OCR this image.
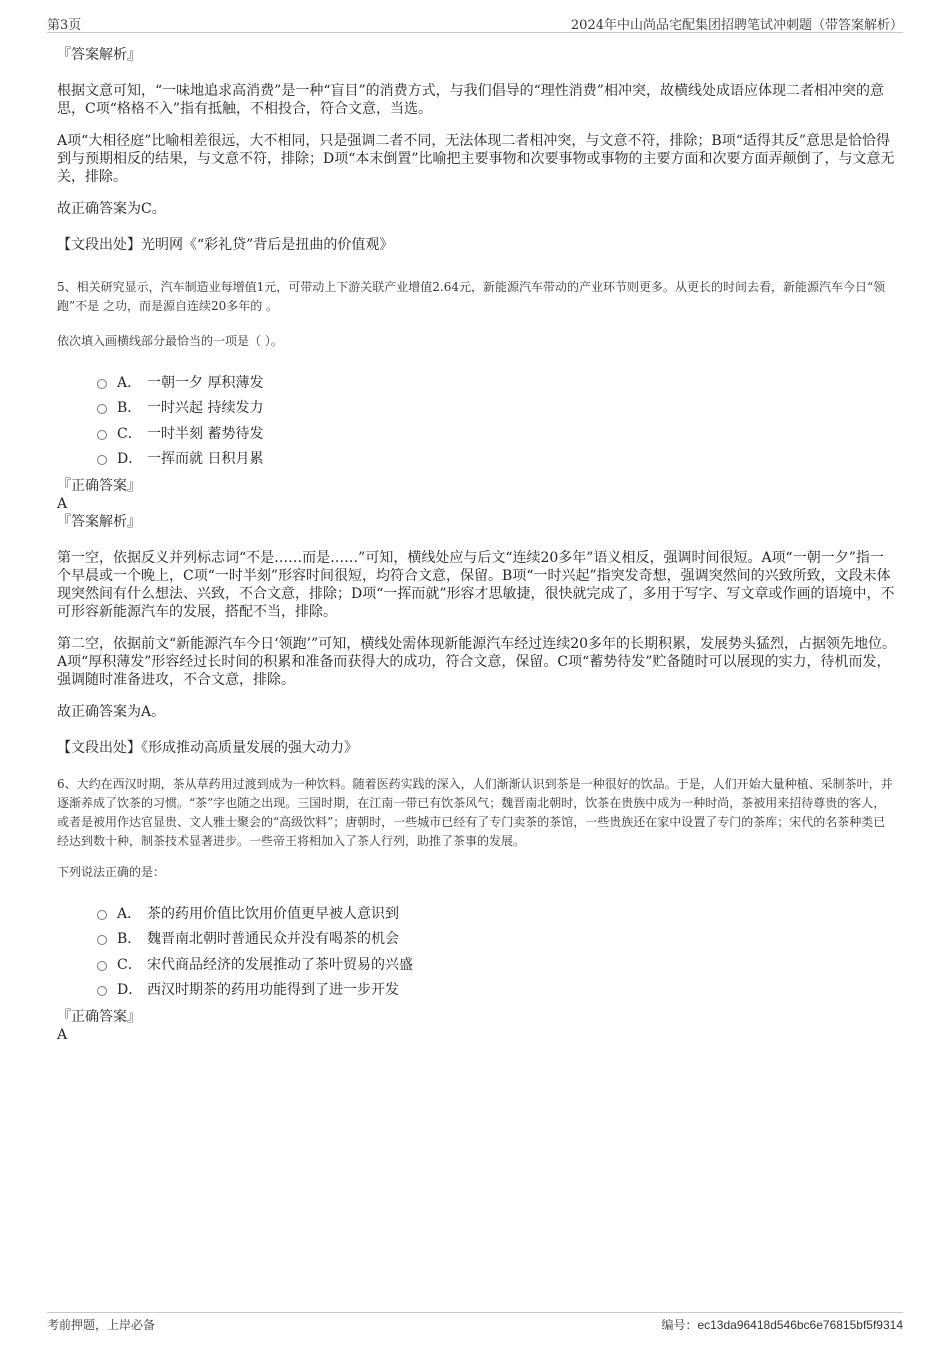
第3页	2024年中山尚品宅配集团招聘笔试冲刺题（带答案解析）

『答案解析』

根据文意可知，“一味地追求高消费”是一种“盲目”的消费方式，与我们倡导的“理性消费”相冲突，故横线处成语应体现二者相冲突的意思，C项“格格不入”指有抵触，不相投合，符合文意，当选。

A项“大相径庭”比喻相差很远，大不相同，只是强调二者不同，无法体现二者相冲突，与文意不符，排除；B项“适得其反”意思是恰恰得到与预期相反的结果，与文意不符，排除；D项“本末倒置”比喻把主要事物和次要事物或事物的主要方面和次要方面弄颠倒了，与文意无关，排除。

故正确答案为C。

【文段出处】光明网《“彩礼贷”背后是扭曲的价值观》

5、相关研究显示，汽车制造业每增值1元，可带动上下游关联产业增值2.64元，新能源汽车带动的产业环节则更多。从更长的时间去看，新能源汽车今日“领跑”不是 之功，而是源自连续20多年的 。

依次填入画横线部分最恰当的一项是（ ）。

A． 一朝一夕 厚积薄发
B． 一时兴起 持续发力
C． 一时半刻 蓄势待发
D． 一挥而就 日积月累

『正确答案』

A

『答案解析』

第一空，依据反义并列标志词“不是……而是……”可知，横线处应与后文“连续20多年”语义相反，强调时间很短。A项“一朝一夕”指一个早晨或一个晚上，C项“一时半刻”形容时间很短，均符合文意，保留。B项“一时兴起”指突发奇想，强调突然间的兴致所致，文段未体现突然间有什么想法、兴致，不合文意，排除；D项“一挥而就”形容才思敏捷，很快就完成了，多用于写字、写文章或作画的语境中，不可形容新能源汽车的发展，搭配不当，排除。

第二空，依据前文“新能源汽车今日‘领跑’”可知，横线处需体现新能源汽车经过连续20多年的长期积累，发展势头猛烈，占据领先地位。A项“厚积薄发”形容经过长时间的积累和准备而获得大的成功，符合文意，保留。C项“蓄势待发”贮备随时可以展现的实力，待机而发，强调随时准备进攻，不合文意，排除。

故正确答案为A。

【文段出处】《形成推动高质量发展的强大动力》

6、大约在西汉时期，茶从草药用过渡到成为一种饮料。随着医药实践的深入，人们渐渐认识到茶是一种很好的饮品。于是，人们开始大量种植、采制茶叶，并逐渐养成了饮茶的习惯。“茶”字也随之出现。三国时期，在江南一带已有饮茶风气；魏晋南北朝时，饮茶在贵族中成为一种时尚，茶被用来招待尊贵的客人，或者是被用作达官显贵、文人雅士聚会的“高级饮料”；唐朝时，一些城市已经有了专门卖茶的茶馆，一些贵族还在家中设置了专门的茶库；宋代的名茶种类已经达到数十种，制茶技术显著进步。一些帝王将相加入了茶人行列，助推了茶事的发展。

下列说法正确的是：

A． 茶的药用价值比饮用价值更早被人意识到
B． 魏晋南北朝时普通民众并没有喝茶的机会
C． 宋代商品经济的发展推动了茶叶贸易的兴盛
D． 西汉时期茶的药用功能得到了进一步开发

『正确答案』

A

考前押题，上岸必备	编号：ec13da96418d546bc6e76815bf5f9314
